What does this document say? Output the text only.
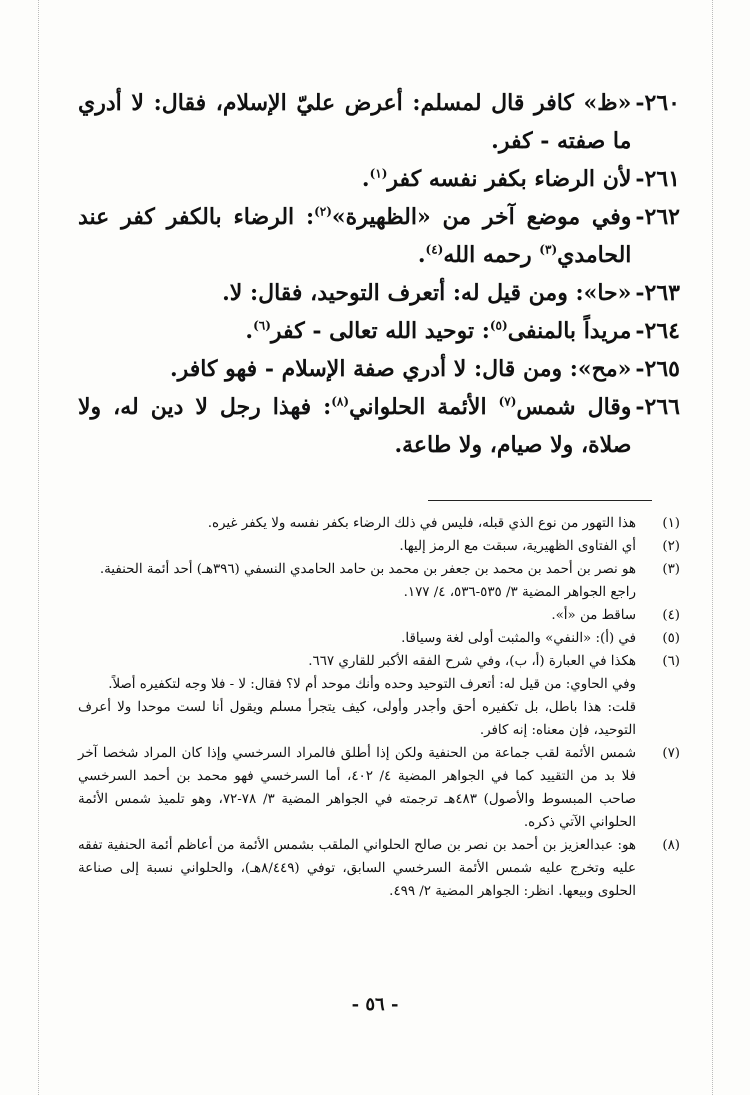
٢٦٠-
«ظ» كافر قال لمسلم: أعرض عليّ الإسلام، فقال: لا أدري ما صفته - كفر.
٢٦١-
لأن الرضاء بكفر نفسه كفر$^{(١)}$.
٢٦٢-
وفي موضع آخر من «الظهيرة»$^{(٢)}$: الرضاء بالكفر كفر عند الحامدي$^{(٣)}$ رحمه الله$^{(٤)}$.
٢٦٣-
«حا»: ومن قيل له: أتعرف التوحيد، فقال: لا.
٢٦٤-
مريداً بالمنفى$^{(٥)}$: توحيد الله تعالى - كفر$^{(٦)}$.
٢٦٥-
«مح»: ومن قال: لا أدري صفة الإسلام - فهو كافر.
٢٦٦-
وقال شمس$^{(٧)}$ الأئمة الحلواني$^{(٨)}$: فهذا رجل لا دين له، ولا صلاة، ولا صيام، ولا طاعة.
(١)

هذا التهور من نوع الذي قبله، فليس في ذلك الرضاء بكفر نفسه ولا يكفر غيره.

(٢)

أي الفتاوى الظهيرية، سبقت مع الرمز إليها.

(٣)

هو نصر بن أحمد بن محمد بن جعفر بن محمد بن حامد الحامدي النسفي (٣٩٦هـ) أحد أئمة الحنفية.

راجع الجواهر المضية ٣/ ٥٣٥-٥٣٦، ٤/ ١٧٧.

(٤)

ساقط من «أ».

(٥)

في (أ): «النفي» والمثبت أولى لغة وسياقا.

(٦)

هكذا في العبارة (أ، ب)، وفي شرح الفقه الأكبر للقاري ٦٦٧.

وفي الحاوي: من قيل له: أتعرف التوحيد وحده وأنك موحد أم لا؟ فقال: لا - فلا وجه لتكفيره أصلاً.

قلت: هذا باطل، بل تكفيره أحق وأجدر وأولى، كيف يتجرأ مسلم ويقول أنا لست موحدا ولا أعرف التوحيد، فإن معناه: إنه كافر.

(٧)

شمس الأئمة لقب جماعة من الحنفية ولكن إذا أطلق فالمراد السرخسي وإذا كان المراد شخصا آخر فلا بد من التقييد كما في الجواهر المضية ٤/ ٤٠٢، أما السرخسي فهو محمد بن أحمد السرخسي صاحب المبسوط والأصول) ٤٨٣هـ ترجمته في الجواهر المضية ٣/ ٧٨-٧٢، وهو تلميذ شمس الأئمة الحلواني الآتي ذكره.

(٨)

هو: عبدالعزيز بن أحمد بن نصر بن صالح الحلواني الملقب بشمس الأئمة من أعاظم أئمة الحنفية تفقه عليه وتخرج عليه شمس الأئمة السرخسي السابق، توفي (٨/٤٤٩هـ)، والحلواني نسبة إلى صناعة الحلوى وبيعها. انظر: الجواهر المضية ٢/ ٤٩٩.

- ٥٦ -
